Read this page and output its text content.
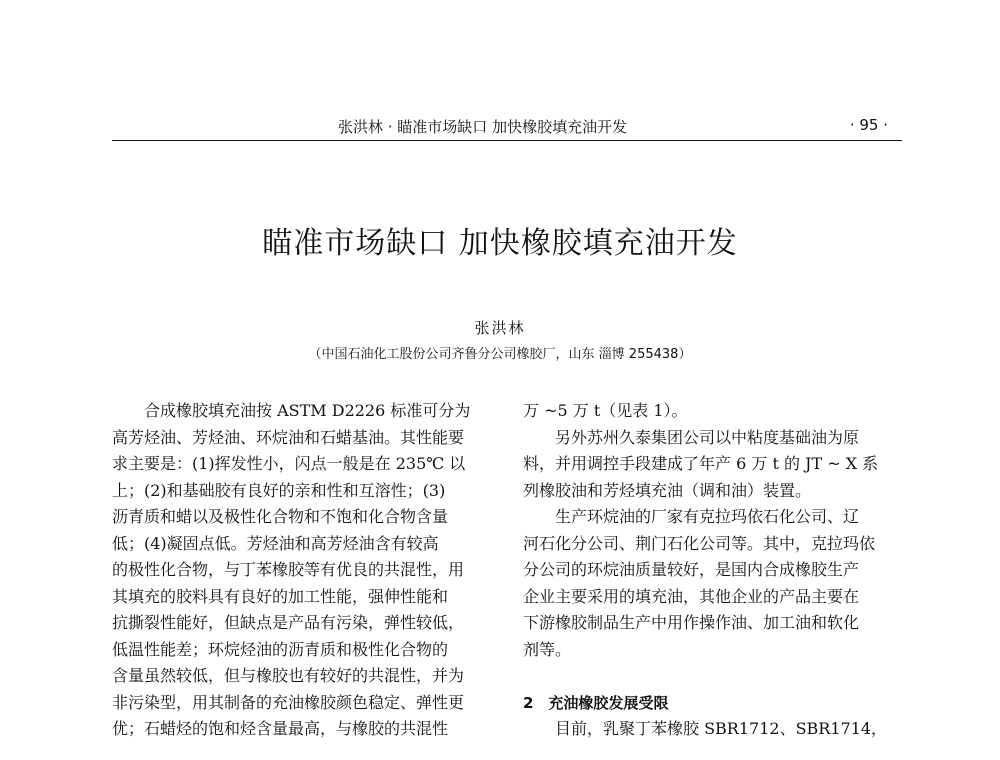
张洪林 · 瞄准市场缺口 加快橡胶填充油开发	· 95 ·
瞄准市场缺口 加快橡胶填充油开发
张洪林
（中国石油化工股份公司齐鲁分公司橡胶厂，山东 淄博 255438）
合成橡胶填充油按 ASTM D2226 标准可分为
高芳烃油、芳烃油、环烷油和石蜡基油。其性能要
求主要是：(1)挥发性小，闪点一般是在 235℃ 以
上；(2)和基础胶有良好的亲和性和互溶性；(3)
沥青质和蜡以及极性化合物和不饱和化合物含量
低；(4)凝固点低。芳烃油和高芳烃油含有较高
的极性化合物，与丁苯橡胶等有优良的共混性，用
其填充的胶料具有良好的加工性能，强伸性能和
抗撕裂性能好，但缺点是产品有污染，弹性较低，
低温性能差；环烷烃油的沥青质和极性化合物的
含量虽然较低，但与橡胶也有较好的共混性，并为
非污染型，用其制备的充油橡胶颜色稳定、弹性更
优；石蜡烃的饱和烃含量最高，与橡胶的共混性
万 ~5 万 t（见表 1）。
另外苏州久泰集团公司以中粘度基础油为原
料，并用调控手段建成了年产 6 万 t 的 JT ~ X 系
列橡胶油和芳烃填充油（调和油）装置。
生产环烷油的厂家有克拉玛依石化公司、辽
河石化分公司、荆门石化公司等。其中，克拉玛依
分公司的环烷油质量较好，是国内合成橡胶生产
企业主要采用的填充油，其他企业的产品主要在
下游橡胶制品生产中用作操作油、加工油和软化
剂等。
2　充油橡胶发展受限
目前，乳聚丁苯橡胶 SBR1712、SBR1714，
